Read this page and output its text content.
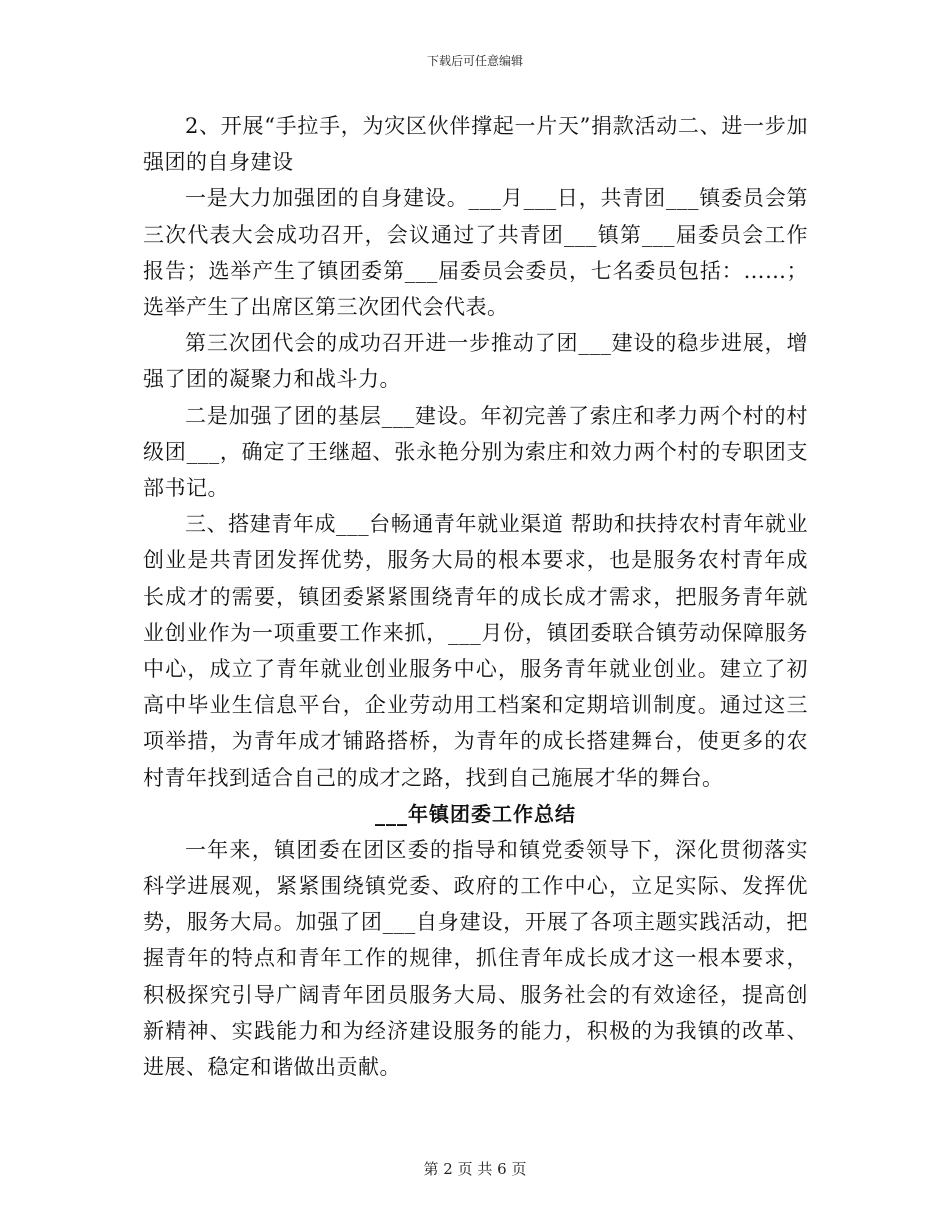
下载后可任意编辑

2、开展“手拉手，为灾区伙伴撑起一片天”捐款活动二、进一步加强团的自身建设

一是大力加强团的自身建设。___月___日，共青团___镇委员会第三次代表大会成功召开，会议通过了共青团___镇第___届委员会工作报告；选举产生了镇团委第___届委员会委员，七名委员包括：……；选举产生了出席区第三次团代会代表。

第三次团代会的成功召开进一步推动了团___建设的稳步进展，增强了团的凝聚力和战斗力。

二是加强了团的基层___建设。年初完善了索庄和孝力两个村的村级团___，确定了王继超、张永艳分别为索庄和效力两个村的专职团支部书记。

三、搭建青年成___台畅通青年就业渠道 帮助和扶持农村青年就业创业是共青团发挥优势，服务大局的根本要求，也是服务农村青年成长成才的需要，镇团委紧紧围绕青年的成长成才需求，把服务青年就业创业作为一项重要工作来抓，___月份，镇团委联合镇劳动保障服务中心，成立了青年就业创业服务中心，服务青年就业创业。建立了初高中毕业生信息平台，企业劳动用工档案和定期培训制度。通过这三项举措，为青年成才铺路搭桥，为青年的成长搭建舞台，使更多的农村青年找到适合自己的成才之路，找到自己施展才华的舞台。

___年镇团委工作总结

一年来，镇团委在团区委的指导和镇党委领导下，深化贯彻落实科学进展观，紧紧围绕镇党委、政府的工作中心，立足实际、发挥优势，服务大局。加强了团___自身建设，开展了各项主题实践活动，把握青年的特点和青年工作的规律，抓住青年成长成才这一根本要求，积极探究引导广阔青年团员服务大局、服务社会的有效途径，提高创新精神、实践能力和为经济建设服务的能力，积极的为我镇的改革、进展、稳定和谐做出贡献。

第 2 页 共 6 页
